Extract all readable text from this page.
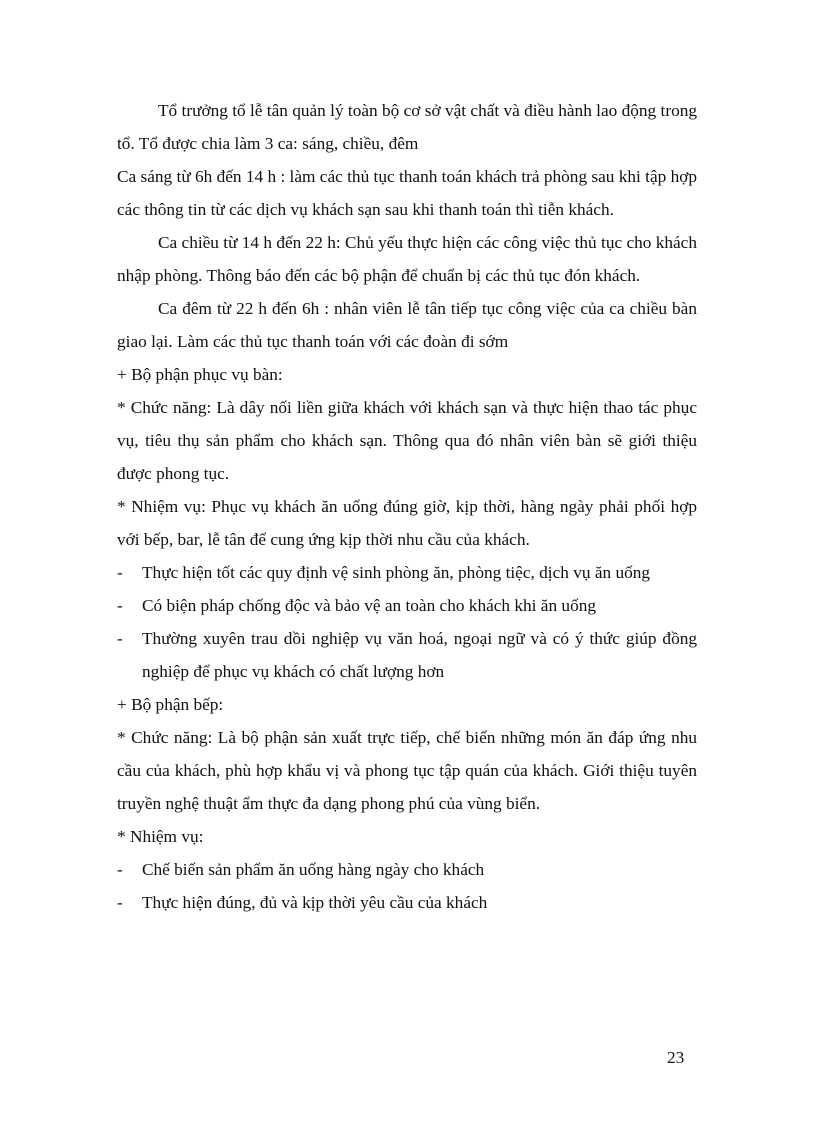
Tổ trưởng tổ lễ tân quản lý toàn bộ cơ sở vật chất và điều hành lao động trong tổ. Tổ được chia làm 3 ca: sáng, chiều, đêm

Ca sáng từ 6h đến 14 h : làm các thủ tục thanh toán khách trả phòng sau khi tập hợp các thông tin từ các dịch vụ khách sạn sau khi thanh toán thì tiễn khách.

Ca chiều từ 14 h đến 22 h: Chủ yếu thực hiện các công việc thủ tục cho khách nhập phòng. Thông báo đến các bộ phận để chuẩn bị các thủ tục đón khách.

Ca đêm từ 22 h đến 6h : nhân viên lễ tân tiếp tục công việc của ca chiều bàn giao lại. Làm các thủ tục thanh toán với các đoàn đi sớm

+ Bộ phận phục vụ bàn:

* Chức năng: Là dây nối liền giữa khách với khách sạn và thực hiện thao tác phục vụ, tiêu thụ sản phẩm cho khách sạn. Thông qua đó nhân viên bàn sẽ giới thiệu được phong tục.

* Nhiệm vụ: Phục vụ khách ăn uống đúng giờ, kịp thời, hàng ngày phải phối hợp với bếp, bar, lễ tân để cung ứng kịp thời nhu cầu của khách.

- Thực hiện tốt các quy định vệ sinh phòng ăn, phòng tiệc, dịch vụ ăn uống

- Có biện pháp chống độc và bảo vệ an toàn cho khách khi ăn uống

- Thường xuyên trau dồi nghiệp vụ văn hoá, ngoại ngữ và có ý thức giúp đồng nghiệp để phục vụ khách có chất lượng hơn

+ Bộ phận bếp:

* Chức năng: Là bộ phận sản xuất trực tiếp, chế biến những món ăn đáp ứng nhu cầu của khách, phù hợp khẩu vị và phong tục tập quán của khách. Giới thiệu tuyên truyền nghệ thuật ẩm thực đa dạng phong phú của vùng biển.

* Nhiệm vụ:

- Chế biến sản phẩm ăn uống hàng ngày cho khách

- Thực hiện đúng, đủ và kịp thời yêu cầu của khách

23
